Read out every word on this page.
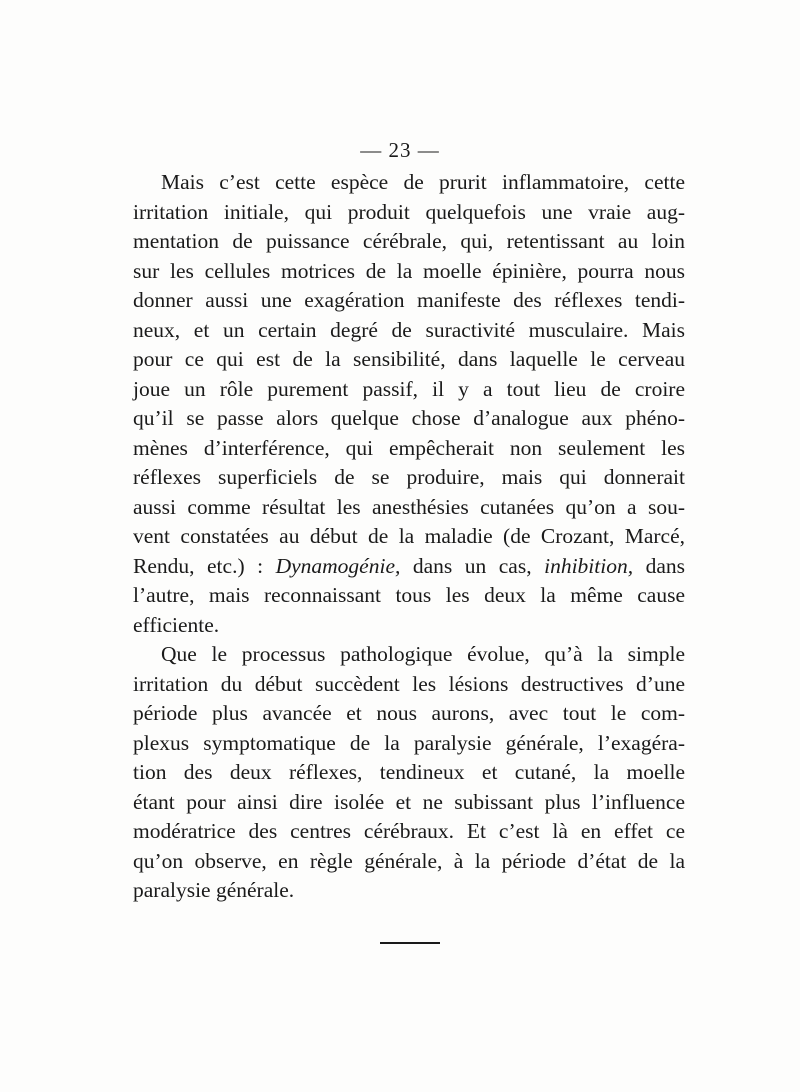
— 23 —
Mais c’est cette espèce de prurit inflammatoire, cette
irritation initiale, qui produit quelquefois une vraie aug-
mentation de puissance cérébrale, qui, retentissant au loin
sur les cellules motrices de la moelle épinière, pourra nous
donner aussi une exagération manifeste des réflexes tendi-
neux, et un certain degré de suractivité musculaire. Mais
pour ce qui est de la sensibilité, dans laquelle le cerveau
joue un rôle purement passif, il y a tout lieu de croire
qu’il se passe alors quelque chose d’analogue aux phéno-
mènes d’interférence, qui empêcherait non seulement les
réflexes superficiels de se produire, mais qui donnerait
aussi comme résultat les anesthésies cutanées qu’on a sou-
vent constatées au début de la maladie (de Crozant, Marcé,
Rendu, etc.) : Dynamogénie, dans un cas, inhibition, dans
l’autre, mais reconnaissant tous les deux la même cause
efficiente.
Que le processus pathologique évolue, qu’à la simple
irritation du début succèdent les lésions destructives d’une
période plus avancée et nous aurons, avec tout le com-
plexus symptomatique de la paralysie générale, l’exagéra-
tion des deux réflexes, tendineux et cutané, la moelle
étant pour ainsi dire isolée et ne subissant plus l’influence
modératrice des centres cérébraux. Et c’est là en effet ce
qu’on observe, en règle générale, à la période d’état de la
paralysie générale.
